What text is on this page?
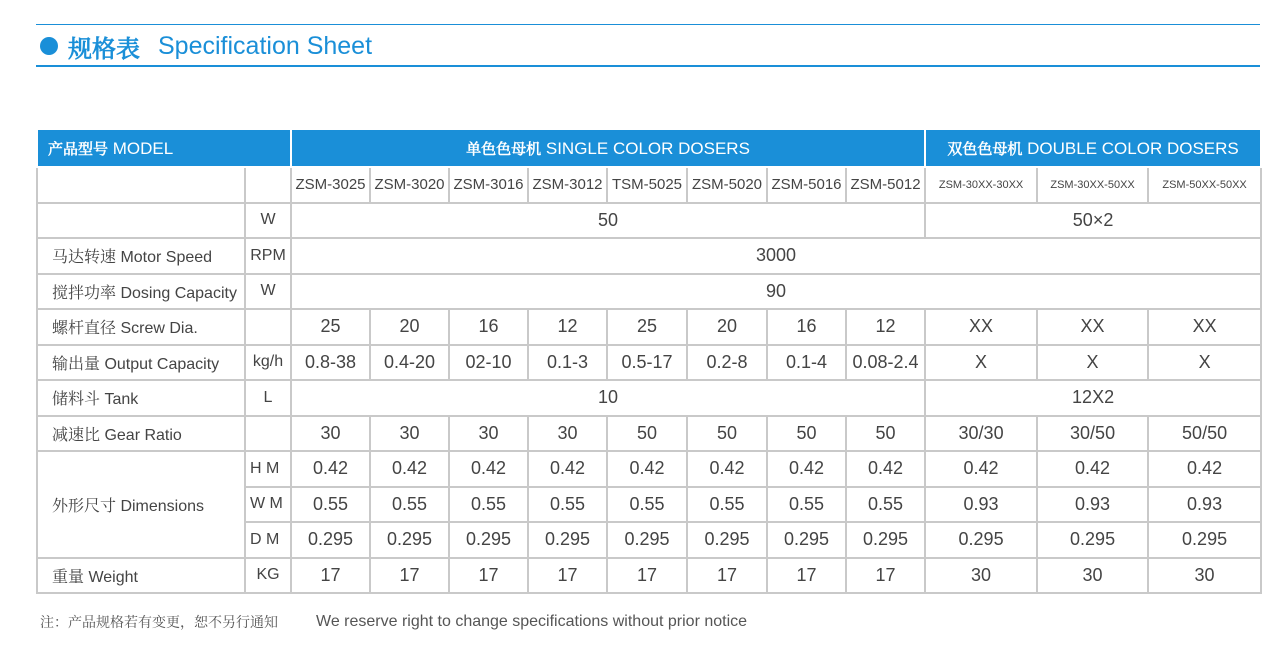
规格表 Specification Sheet
产品型号 MODEL		单色色母机 SINGLE COLOR DOSERS								双色色母机 DOUBLE COLOR DOSERS		
		ZSM-3025	ZSM-3020	ZSM-3016	ZSM-3012	TSM-5025	ZSM-5020	ZSM-5016	ZSM-5012	ZSM-30XX-30XX	ZSM-30XX-50XX	ZSM-50XX-50XX
	W	50								50×2		
马达转速 Motor Speed	RPM	3000										
搅拌功率 Dosing Capacity	W	90										
螺杆直径 Screw Dia.		25	20	16	12	25	20	16	12	XX	XX	XX
输出量 Output Capacity	kg/h	0.8-38	0.4-20	02-10	0.1-3	0.5-17	0.2-8	0.1-4	0.08-2.4	X	X	X
储料斗 Tank	L	10								12X2		
减速比 Gear Ratio		30	30	30	30	50	50	50	50	30/30	30/50	50/50
外形尺寸 Dimensions	H M	0.42	0.42	0.42	0.42	0.42	0.42	0.42	0.42	0.42	0.42	0.42
	W M	0.55	0.55	0.55	0.55	0.55	0.55	0.55	0.55	0.93	0.93	0.93
	D M	0.295	0.295	0.295	0.295	0.295	0.295	0.295	0.295	0.295	0.295	0.295
重量 Weight	KG	17	17	17	17	17	17	17	17	30	30	30
注：产品规格若有变更，恕不另行通知 We reserve right to change specifications without prior notice
